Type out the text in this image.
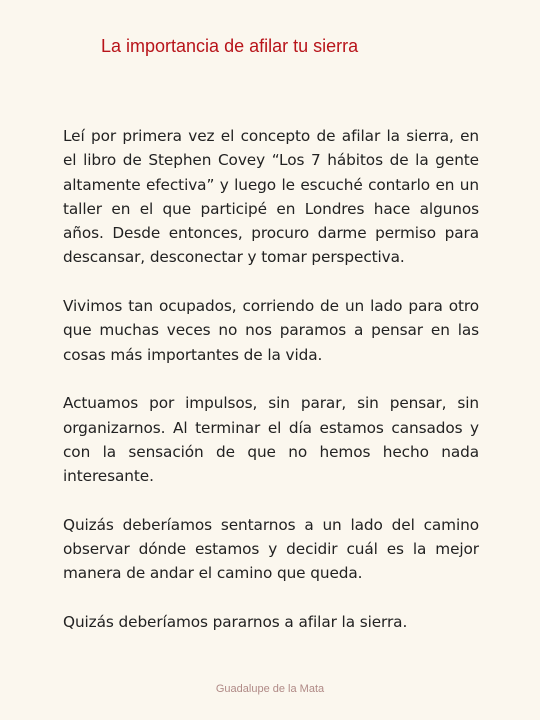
La importancia de afilar tu sierra

Leí por primera vez el concepto de afilar la sierra, en el libro de Stephen Covey “Los 7 hábitos de la gente altamente efectiva” y luego le escuché contarlo en un taller en el que participé en Londres hace algunos años. Desde entonces, procuro darme permiso para descansar, desconectar y tomar perspectiva.

Vivimos tan ocupados, corriendo de un lado para otro que muchas veces no nos paramos a pensar en las cosas más importantes de la vida.

Actuamos por impulsos, sin parar, sin pensar, sin organizarnos. Al terminar el día estamos cansados y con la sensación de que no hemos hecho nada interesante.

Quizás deberíamos sentarnos a un lado del camino observar dónde estamos y decidir cuál es la mejor manera de andar el camino que queda.

Quizás deberíamos pararnos a afilar la sierra.

Guadalupe de la Mata
